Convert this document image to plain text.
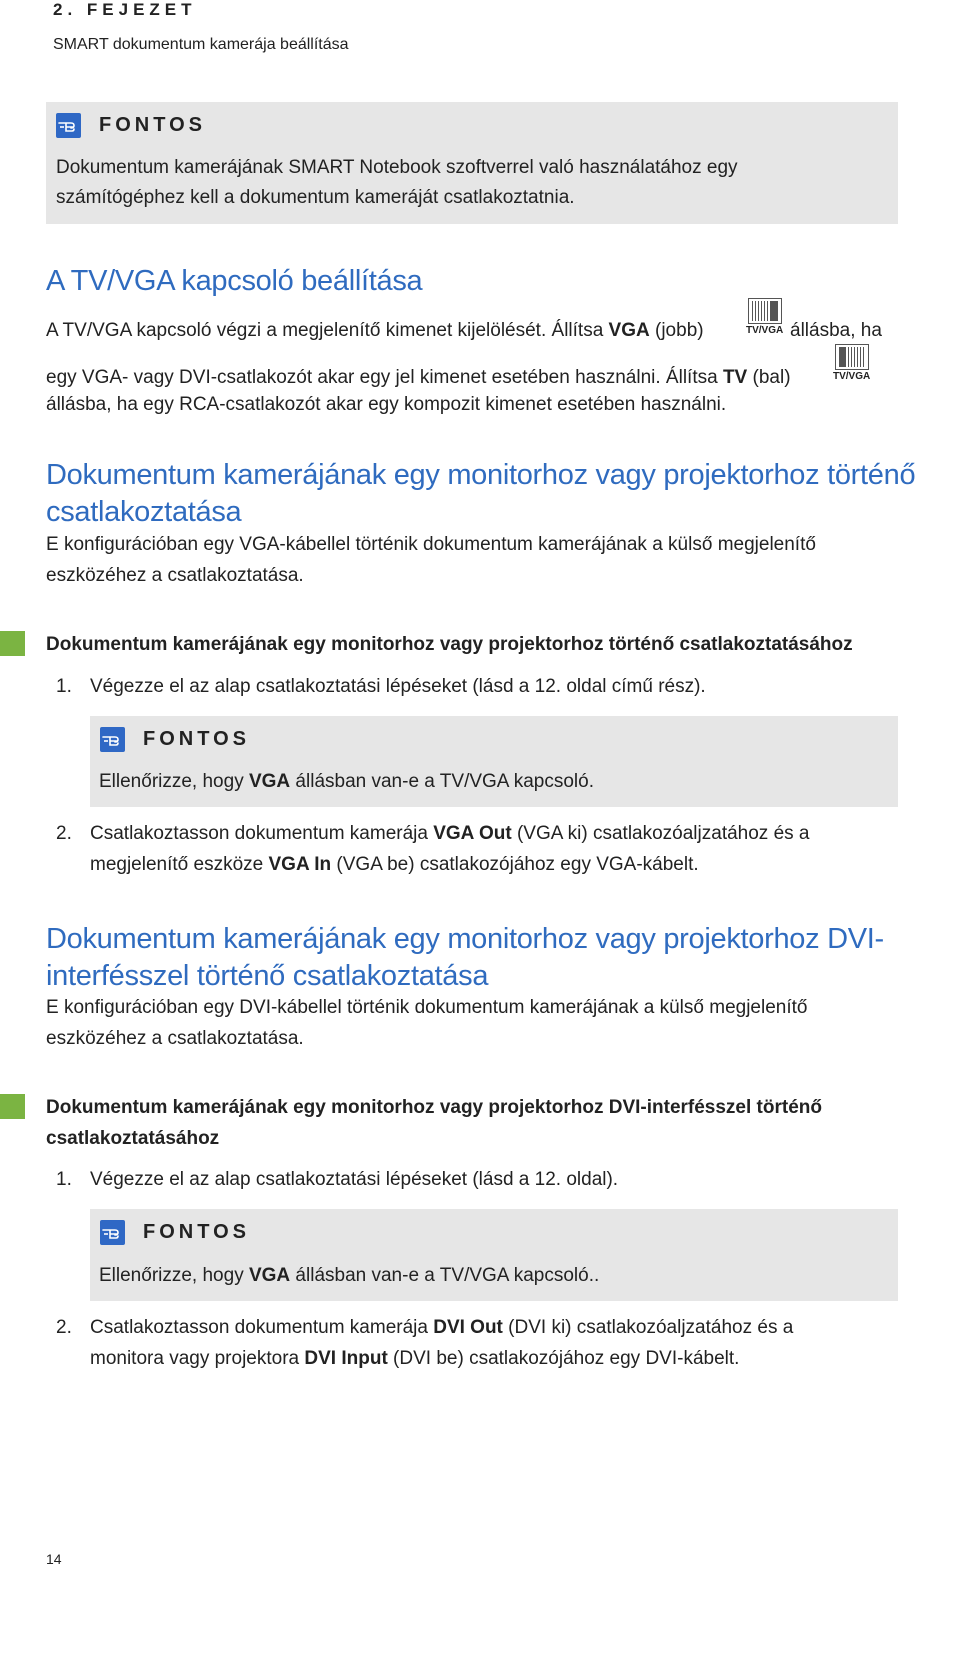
2. FEJEZET
SMART dokumentum kamerája beállítása
FONTOS
Dokumentum kamerájának SMART Notebook szoftverrel való használatához egy
számítógéphez kell a dokumentum kameráját csatlakoztatnia.
A TV/VGA kapcsoló beállítása
A TV/VGA kapcsoló végzi a megjelenítő kimenet kijelölését. Állítsa VGA (jobb)	TV/VGA állásba, ha
egy VGA- vagy DVI-csatlakozót akar egy jel kimenet esetében használni. Állítsa TV (bal)	TV/VGA
állásba, ha egy RCA-csatlakozót akar egy kompozit kimenet esetében használni.
Dokumentum kamerájának egy monitorhoz vagy projektorhoz történő
csatlakoztatása
E konfigurációban egy VGA-kábellel történik dokumentum kamerájának a külső megjelenítő
eszközéhez a csatlakoztatása.
Dokumentum kamerájának egy monitorhoz vagy projektorhoz történő csatlakoztatásához
1. Végezze el az alap csatlakoztatási lépéseket (lásd a 12. oldal című rész).
FONTOS
Ellenőrizze, hogy VGA állásban van-e a TV/VGA kapcsoló.
2. Csatlakoztasson dokumentum kamerája VGA Out (VGA ki) csatlakozóaljzatához és a
megjelenítő eszköze VGA In (VGA be) csatlakozójához egy VGA-kábelt.
Dokumentum kamerájának egy monitorhoz vagy projektorhoz DVI-
interfésszel történő csatlakoztatása
E konfigurációban egy DVI-kábellel történik dokumentum kamerájának a külső megjelenítő
eszközéhez a csatlakoztatása.
Dokumentum kamerájának egy monitorhoz vagy projektorhoz DVI-interfésszel történő
csatlakoztatásához
1. Végezze el az alap csatlakoztatási lépéseket (lásd a 12. oldal).
FONTOS
Ellenőrizze, hogy VGA állásban van-e a TV/VGA kapcsoló..
2. Csatlakoztasson dokumentum kamerája DVI Out (DVI ki) csatlakozóaljzatához és a
monitora vagy projektora DVI Input (DVI be) csatlakozójához egy DVI-kábelt.
14
